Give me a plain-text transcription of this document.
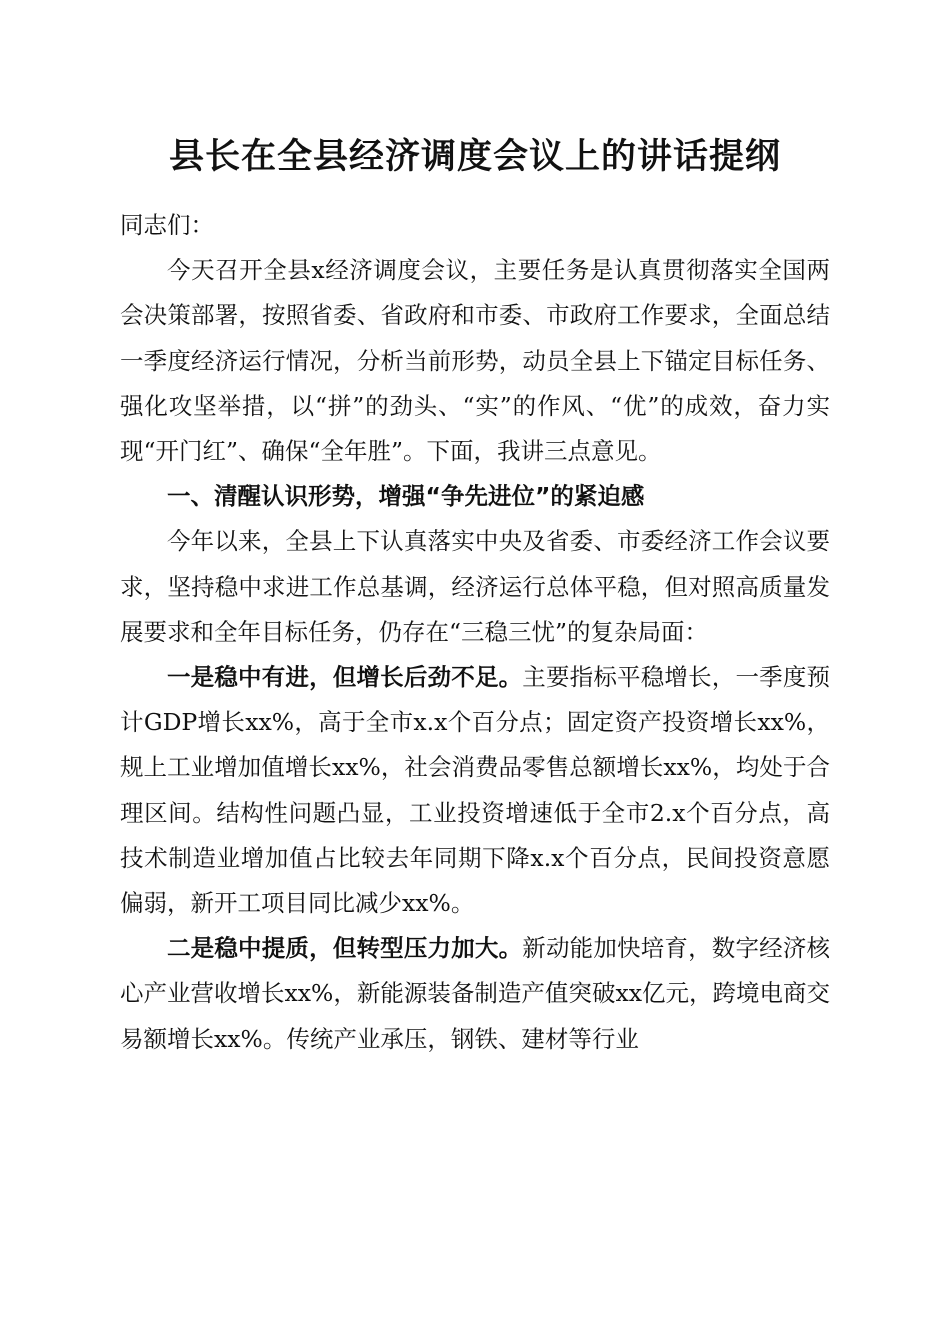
县长在全县经济调度会议上的讲话提纲

同志们：

今天召开全县x经济调度会议，主要任务是认真贯彻落实全国两会决策部署，按照省委、省政府和市委、市政府工作要求，全面总结一季度经济运行情况，分析当前形势，动员全县上下锚定目标任务、强化攻坚举措，以“拼”的劲头、“实”的作风、“优”的成效，奋力实现“开门红”、确保“全年胜”。下面，我讲三点意见。

一、清醒认识形势，增强“争先进位”的紧迫感

今年以来，全县上下认真落实中央及省委、市委经济工作会议要求，坚持稳中求进工作总基调，经济运行总体平稳，但对照高质量发展要求和全年目标任务，仍存在“三稳三忧”的复杂局面：

一是稳中有进，但增长后劲不足。主要指标平稳增长，一季度预计GDP增长xx%，高于全市x.x个百分点；固定资产投资增长xx%，规上工业增加值增长xx%，社会消费品零售总额增长xx%，均处于合理区间。结构性问题凸显，工业投资增速低于全市2.x个百分点，高技术制造业增加值占比较去年同期下降x.x个百分点，民间投资意愿偏弱，新开工项目同比减少xx%。

二是稳中提质，但转型压力加大。新动能加快培育，数字经济核心产业营收增长xx%，新能源装备制造产值突破xx亿元，跨境电商交易额增长xx%。传统产业承压，钢铁、建材等行业
